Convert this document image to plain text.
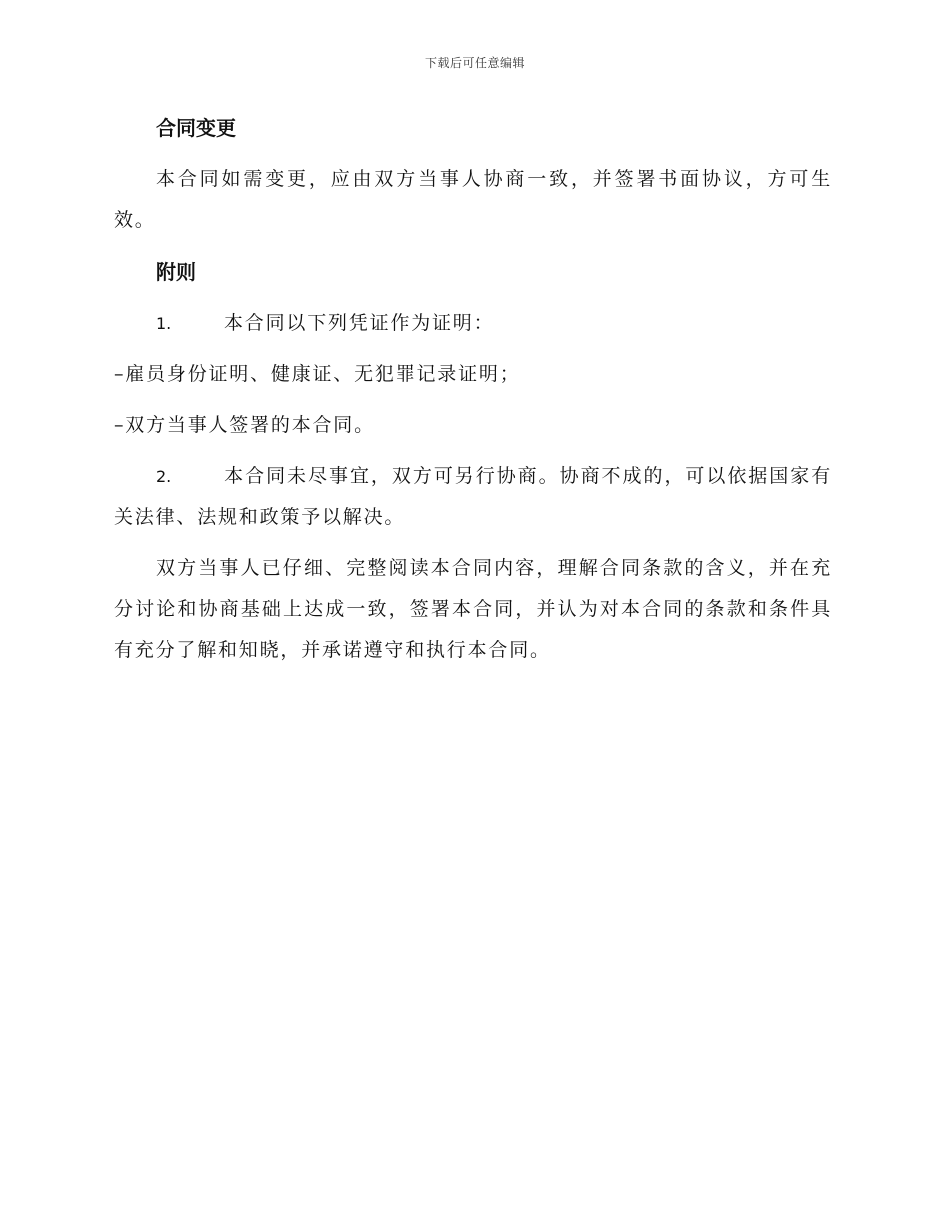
下载后可任意编辑
合同变更
本合同如需变更，应由双方当事人协商一致，并签署书面协议，方可生效。
附则
1.	本合同以下列凭证作为证明：
–雇员身份证明、健康证、无犯罪记录证明；
–双方当事人签署的本合同。
2.	本合同未尽事宜，双方可另行协商。协商不成的，可以依据国家有关法律、法规和政策予以解决。
双方当事人已仔细、完整阅读本合同内容，理解合同条款的含义，并在充分讨论和协商基础上达成一致，签署本合同，并认为对本合同的条款和条件具有充分了解和知晓，并承诺遵守和执行本合同。
